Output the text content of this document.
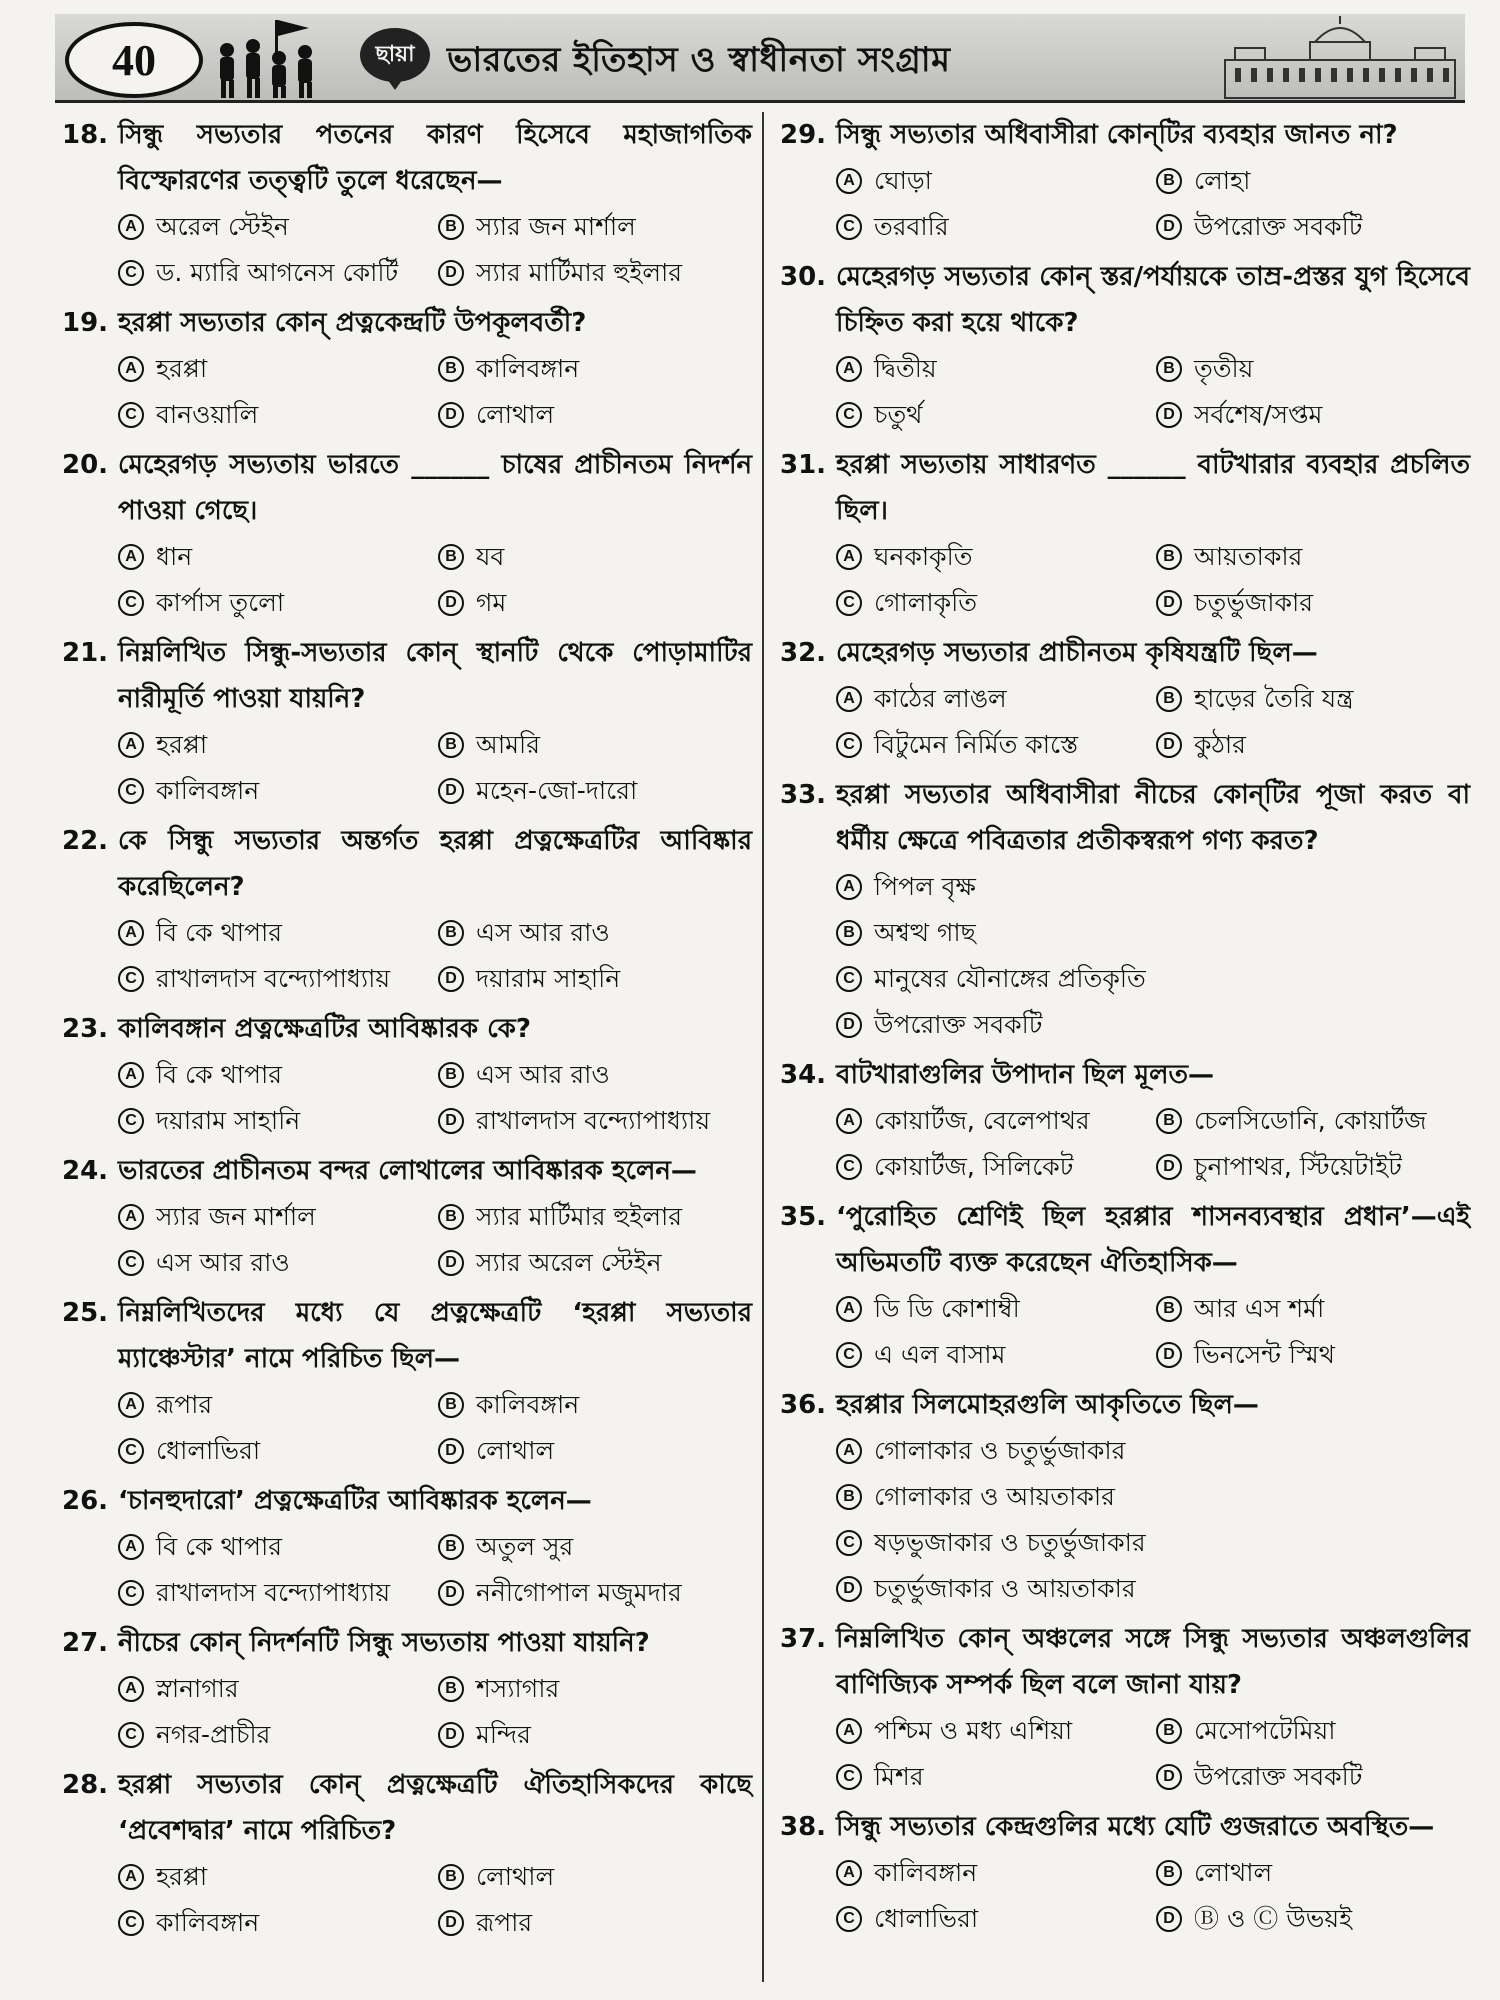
40	ছায়া ভারতের ইতিহাস ও স্বাধীনতা সংগ্রাম
18. সিন্ধু সভ্যতার পতনের কারণ হিসেবে মহাজাগতিক বিস্ফোরণের তত্ত্বটি তুলে ধরেছেন—
A অরেল স্টেইন	B স্যার জন মার্শাল
C ড. ম্যারি আগনেস কোর্টি	D স্যার মার্টিমার হুইলার
19. হরপ্পা সভ্যতার কোন্ প্রত্নকেন্দ্রটি উপকূলবর্তী?
A হরপ্পা	B কালিবঙ্গান
C বানওয়ালি	D লোথাল
20. মেহেরগড় সভ্যতায় ভারতে ______ চাষের প্রাচীনতম নিদর্শন পাওয়া গেছে।
A ধান	B যব
C কার্পাস তুলো	D গম
21. নিম্নলিখিত সিন্ধু-সভ্যতার কোন্ স্থানটি থেকে পোড়ামাটির নারীমূর্তি পাওয়া যায়নি?
A হরপ্পা	B আমরি
C কালিবঙ্গান	D মহেন-জো-দারো
22. কে সিন্ধু সভ্যতার অন্তর্গত হরপ্পা প্রত্নক্ষেত্রটির আবিষ্কার করেছিলেন?
A বি কে থাপার	B এস আর রাও
C রাখালদাস বন্দ্যোপাধ্যায়	D দয়ারাম সাহানি
23. কালিবঙ্গান প্রত্নক্ষেত্রটির আবিষ্কারক কে?
A বি কে থাপার	B এস আর রাও
C দয়ারাম সাহানি	D রাখালদাস বন্দ্যোপাধ্যায়
24. ভারতের প্রাচীনতম বন্দর লোথালের আবিষ্কারক হলেন—
A স্যার জন মার্শাল	B স্যার মার্টিমার হুইলার
C এস আর রাও	D স্যার অরেল স্টেইন
25. নিম্নলিখিতদের মধ্যে যে প্রত্নক্ষেত্রটি ‘হরপ্পা সভ্যতার ম্যাঞ্চেস্টার’ নামে পরিচিত ছিল—
A রূপার	B কালিবঙ্গান
C ধোলাভিরা	D লোথাল
26. ‘চানহুদারো’ প্রত্নক্ষেত্রটির আবিষ্কারক হলেন—
A বি কে থাপার	B অতুল সুর
C রাখালদাস বন্দ্যোপাধ্যায়	D ননীগোপাল মজুমদার
27. নীচের কোন্ নিদর্শনটি সিন্ধু সভ্যতায় পাওয়া যায়নি?
A স্নানাগার	B শস্যাগার
C নগর-প্রাচীর	D মন্দির
28. হরপ্পা সভ্যতার কোন্ প্রত্নক্ষেত্রটি ঐতিহাসিকদের কাছে ‘প্রবেশদ্বার’ নামে পরিচিত?
A হরপ্পা	B লোথাল
C কালিবঙ্গান	D রূপার
29. সিন্ধু সভ্যতার অধিবাসীরা কোন্‌টির ব্যবহার জানত না?
A ঘোড়া	B লোহা
C তরবারি	D উপরোক্ত সবকটি
30. মেহেরগড় সভ্যতার কোন্ স্তর/পর্যায়কে তাম্র-প্রস্তর যুগ হিসেবে চিহ্নিত করা হয়ে থাকে?
A দ্বিতীয়	B তৃতীয়
C চতুর্থ	D সর্বশেষ/সপ্তম
31. হরপ্পা সভ্যতায় সাধারণত ______ বাটখারার ব্যবহার প্রচলিত ছিল।
A ঘনকাকৃতি	B আয়তাকার
C গোলাকৃতি	D চতুর্ভুজাকার
32. মেহেরগড় সভ্যতার প্রাচীনতম কৃষিযন্ত্রটি ছিল—
A কাঠের লাঙল	B হাড়ের তৈরি যন্ত্র
C বিটুমেন নির্মিত কাস্তে	D কুঠার
33. হরপ্পা সভ্যতার অধিবাসীরা নীচের কোন্‌টির পূজা করত বা ধর্মীয় ক্ষেত্রে পবিত্রতার প্রতীকস্বরূপ গণ্য করত?
A পিপল বৃক্ষ
B অশ্বত্থ গাছ
C মানুষের যৌনাঙ্গের প্রতিকৃতি
D উপরোক্ত সবকটি
34. বাটখারাগুলির উপাদান ছিল মূলত—
A কোয়ার্টজ, বেলেপাথর	B চেলসিডোনি, কোয়ার্টজ
C কোয়ার্টজ, সিলিকেট	D চুনাপাথর, স্টিয়েটাইট
35. ‘পুরোহিত শ্রেণিই ছিল হরপ্পার শাসনব্যবস্থার প্রধান’—এই অভিমতটি ব্যক্ত করেছেন ঐতিহাসিক—
A ডি ডি কোশাম্বী	B আর এস শর্মা
C এ এল বাসাম	D ভিনসেন্ট স্মিথ
36. হরপ্পার সিলমোহরগুলি আকৃতিতে ছিল—
A গোলাকার ও চতুর্ভুজাকার
B গোলাকার ও আয়তাকার
C ষড়ভুজাকার ও চতুর্ভুজাকার
D চতুর্ভুজাকার ও আয়তাকার
37. নিম্নলিখিত কোন্ অঞ্চলের সঙ্গে সিন্ধু সভ্যতার অঞ্চলগুলির বাণিজ্যিক সম্পর্ক ছিল বলে জানা যায়?
A পশ্চিম ও মধ্য এশিয়া	B মেসোপটেমিয়া
C মিশর	D উপরোক্ত সবকটি
38. সিন্ধু সভ্যতার কেন্দ্রগুলির মধ্যে যেটি গুজরাতে অবস্থিত—
A কালিবঙ্গান	B লোথাল
C ধোলাভিরা	D Ⓑ ও Ⓒ উভয়ই
